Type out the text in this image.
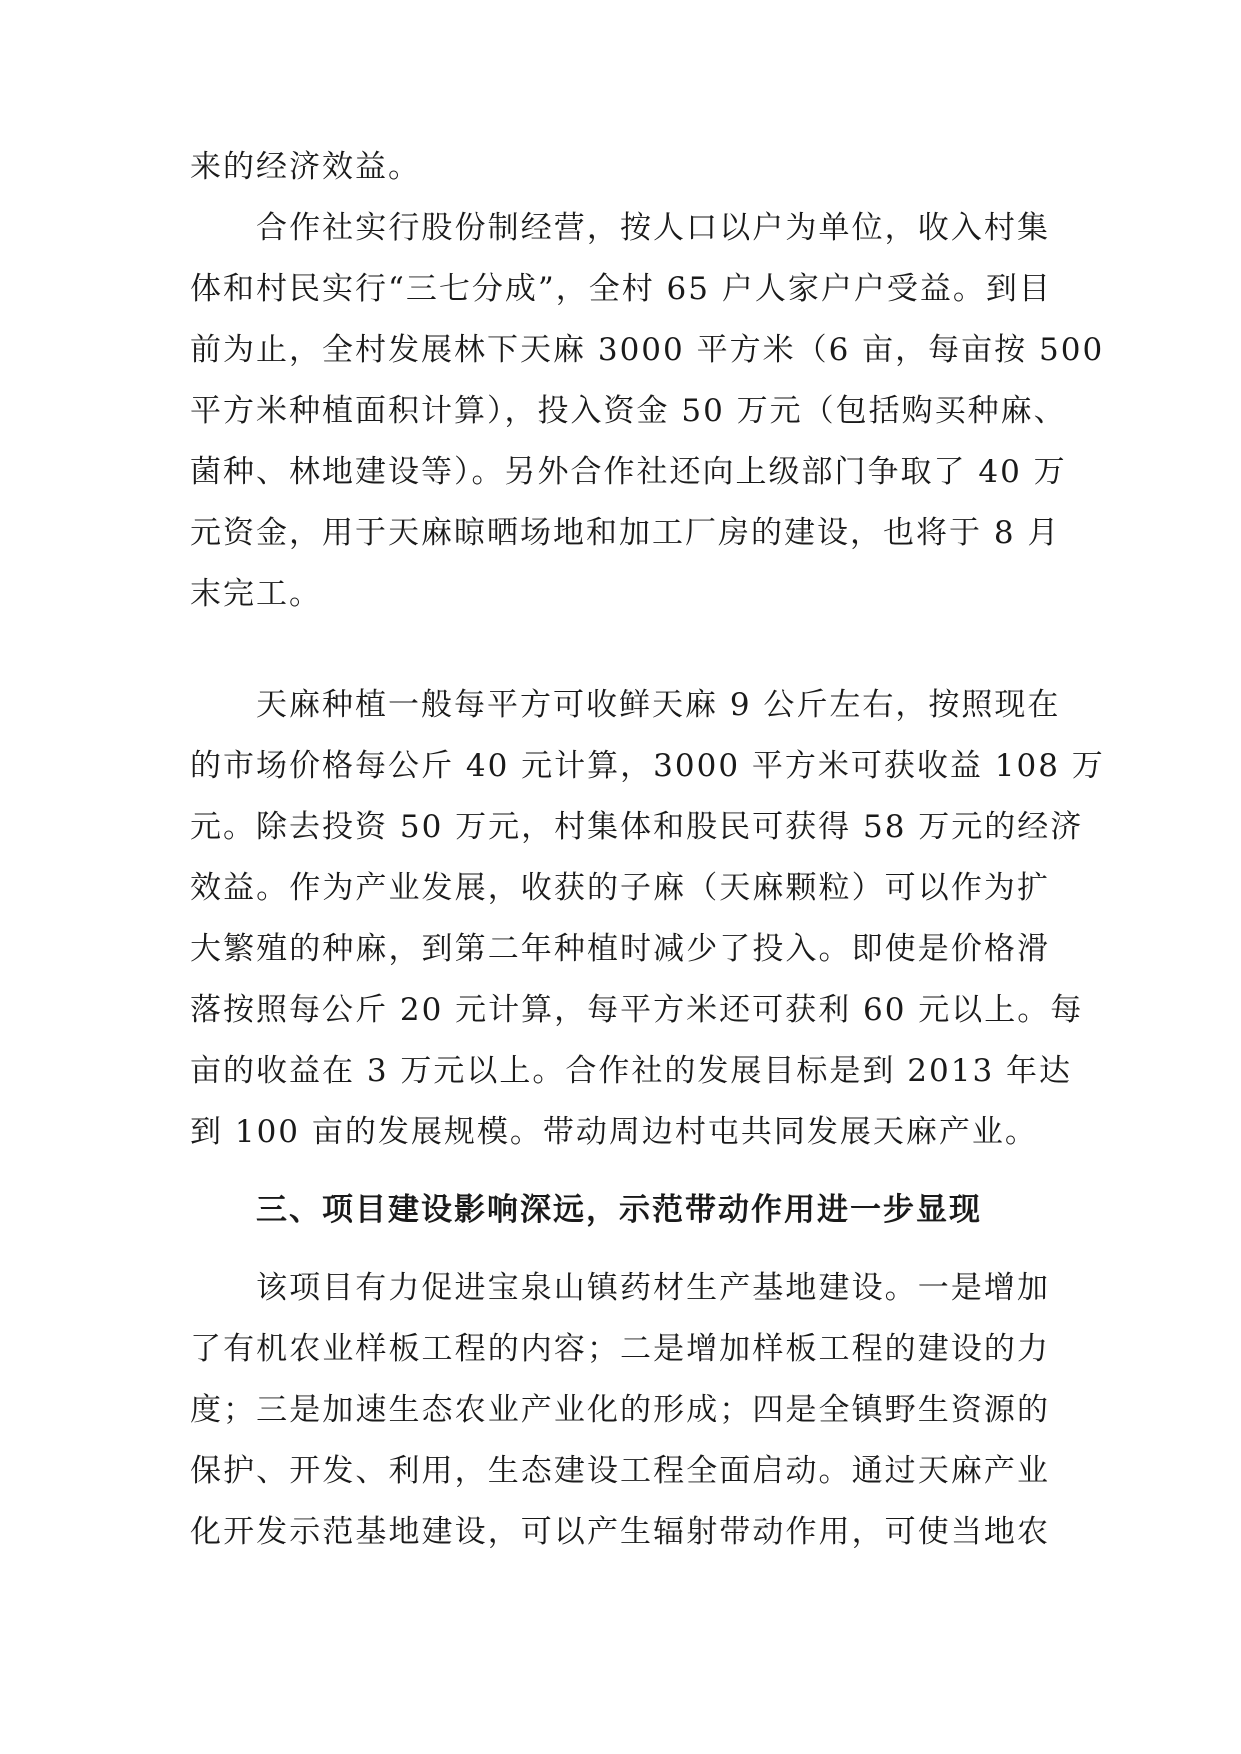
来的经济效益。
合作社实行股份制经营，按人口以户为单位，收入村集
体和村民实行“三七分成”，全村 65 户人家户户受益。到目
前为止，全村发展林下天麻 3000 平方米（6 亩，每亩按 500
平方米种植面积计算），投入资金 50 万元（包括购买种麻、
菌种、林地建设等）。另外合作社还向上级部门争取了 40 万
元资金，用于天麻晾晒场地和加工厂房的建设，也将于 8 月
末完工。
天麻种植一般每平方可收鲜天麻 9 公斤左右，按照现在
的市场价格每公斤 40 元计算，3000 平方米可获收益 108 万
元。除去投资 50 万元，村集体和股民可获得 58 万元的经济
效益。作为产业发展，收获的子麻（天麻颗粒）可以作为扩
大繁殖的种麻，到第二年种植时减少了投入。即使是价格滑
落按照每公斤 20 元计算，每平方米还可获利 60 元以上。每
亩的收益在 3 万元以上。合作社的发展目标是到 2013 年达
到 100 亩的发展规模。带动周边村屯共同发展天麻产业。
三、项目建设影响深远，示范带动作用进一步显现
该项目有力促进宝泉山镇药材生产基地建设。一是增加
了有机农业样板工程的内容；二是增加样板工程的建设的力
度；三是加速生态农业产业化的形成；四是全镇野生资源的
保护、开发、利用，生态建设工程全面启动。通过天麻产业
化开发示范基地建设，可以产生辐射带动作用，可使当地农
